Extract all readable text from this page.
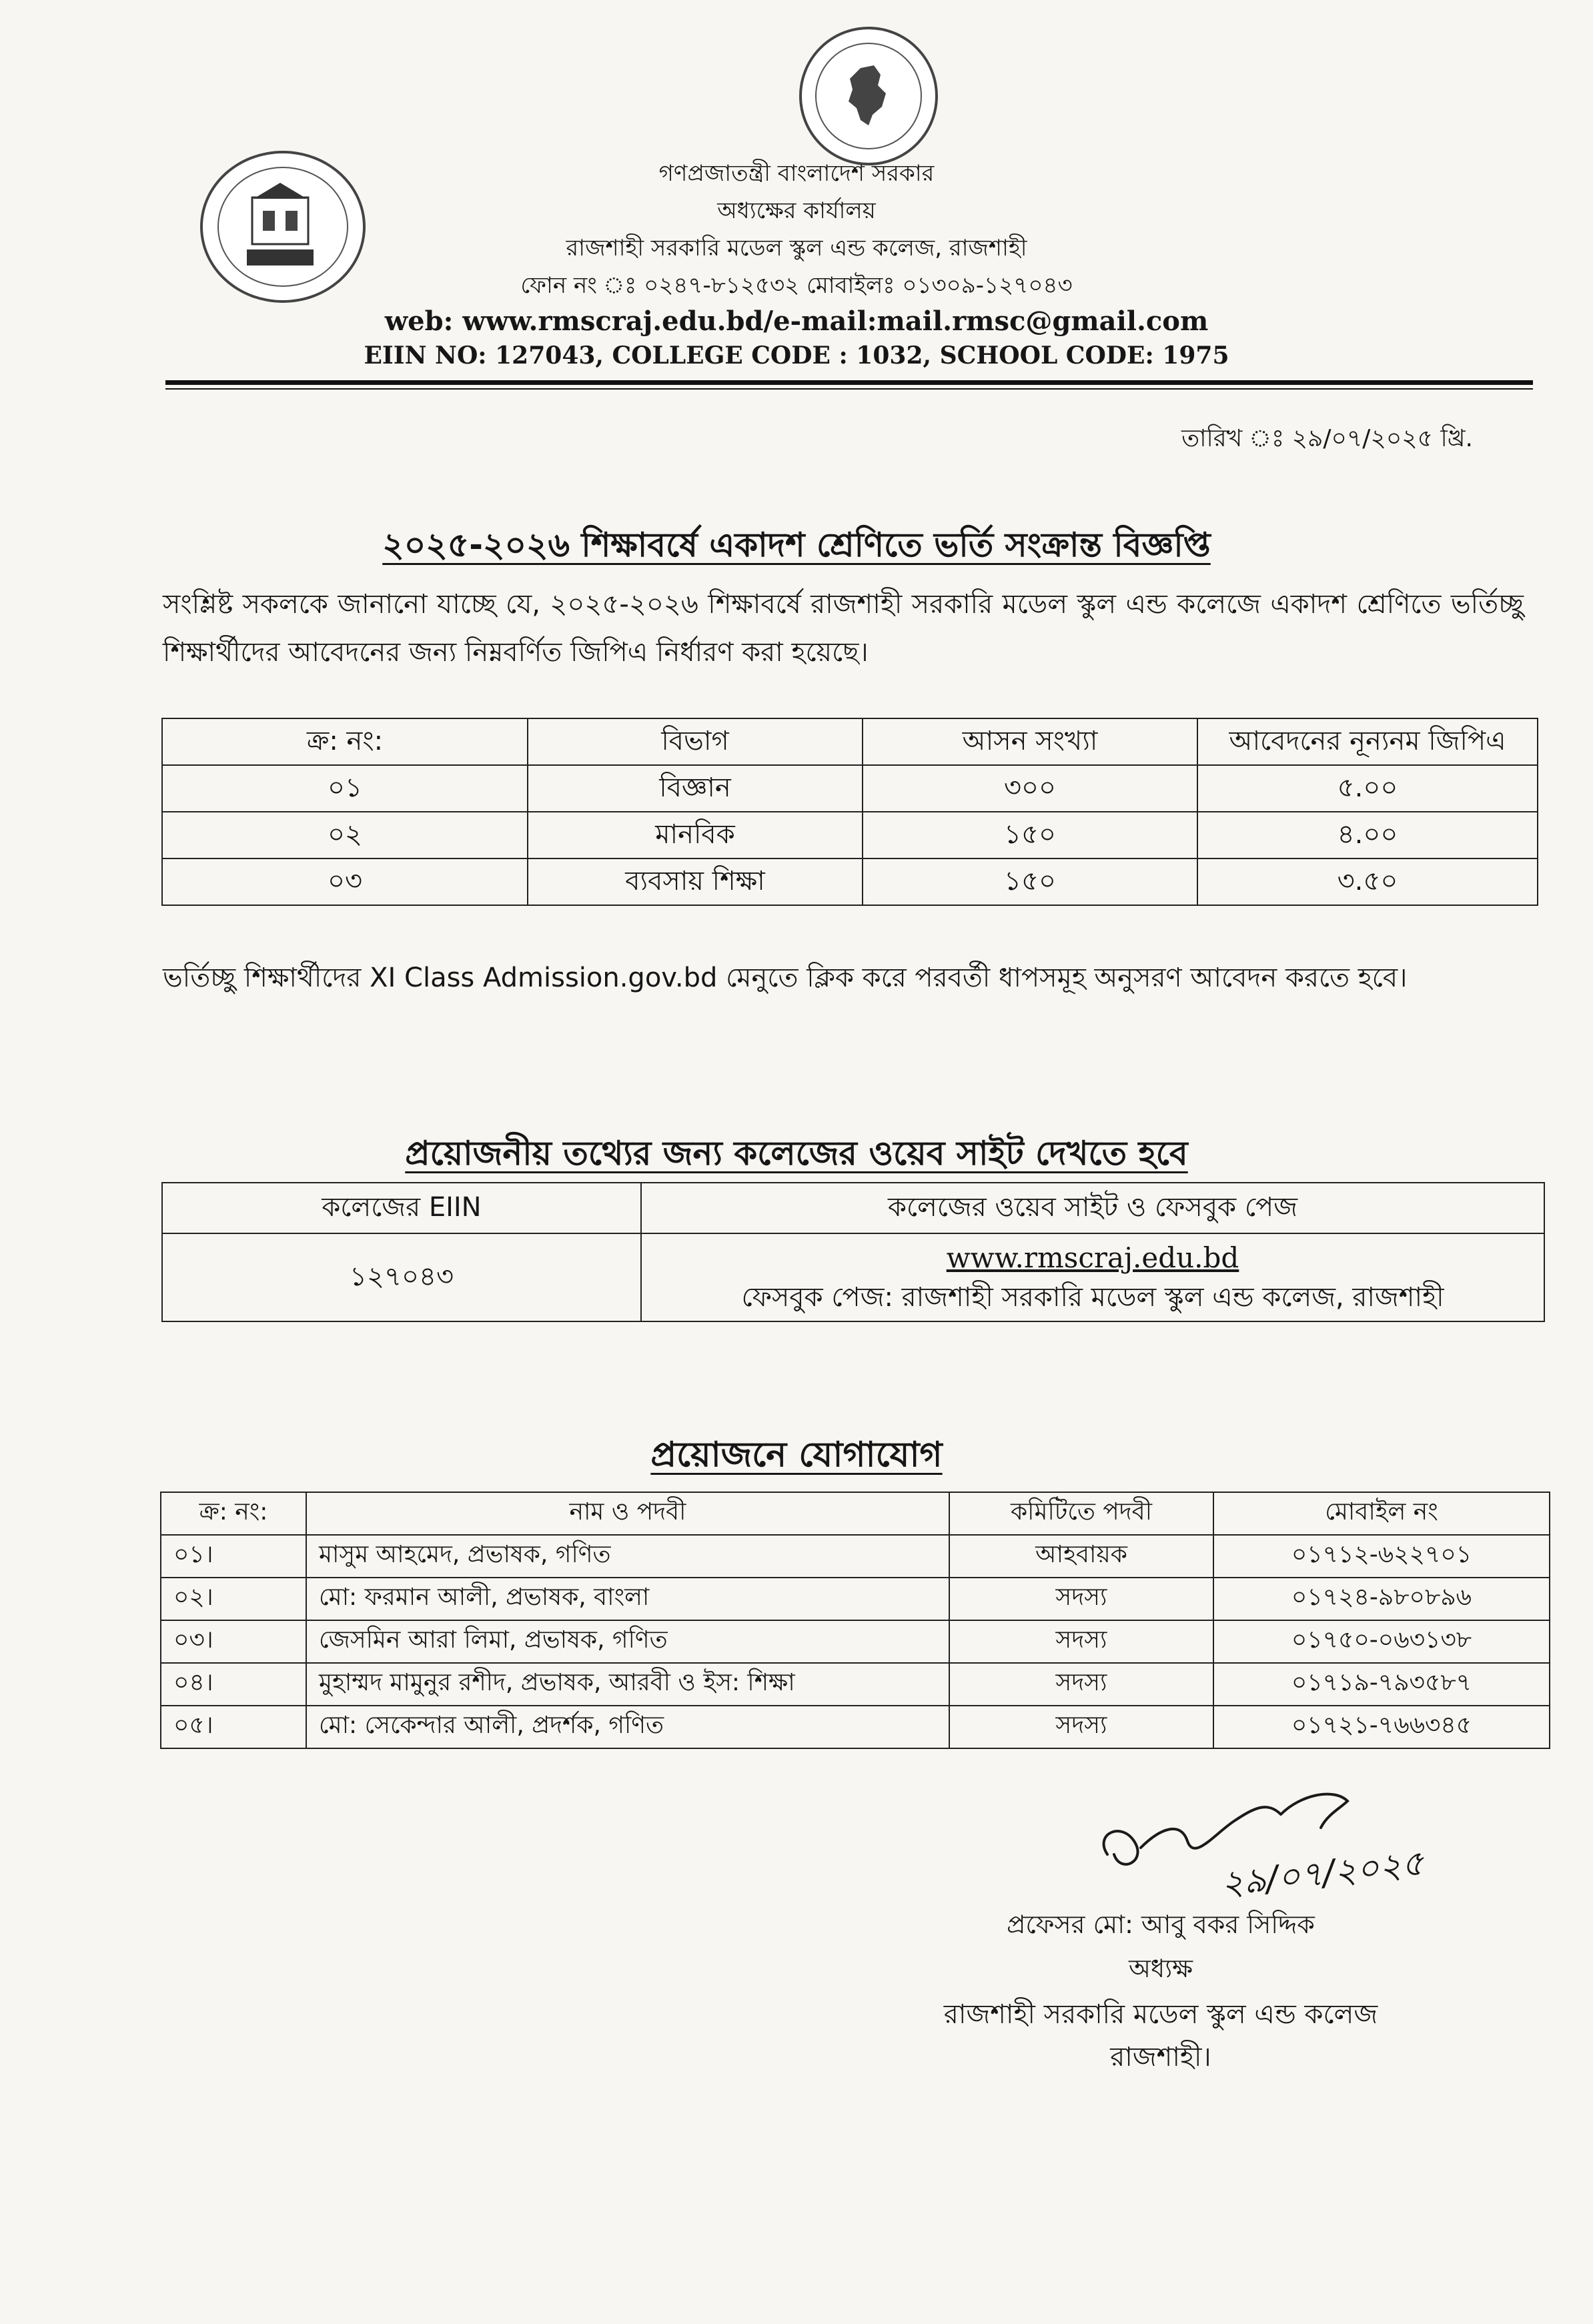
গণপ্রজাতন্ত্রী বাংলাদেশ সরকার
অধ্যক্ষের কার্যালয়
রাজশাহী সরকারি মডেল স্কুল এন্ড কলেজ, রাজশাহী
ফোন নং ঃ ০২৪৭-৮১২৫৩২ মোবাইলঃ ০১৩০৯-১২৭০৪৩
web: www.rmscraj.edu.bd/e-mail:mail.rmsc@gmail.com
EIIN NO: 127043, COLLEGE CODE : 1032, SCHOOL CODE: 1975
তারিখ ঃ ২৯/০৭/২০২৫ খ্রি.
২০২৫-২০২৬ শিক্ষাবর্ষে একাদশ শ্রেণিতে ভর্তি সংক্রান্ত বিজ্ঞপ্তি
সংশ্লিষ্ট সকলকে জানানো যাচ্ছে যে, ২০২৫-২০২৬ শিক্ষাবর্ষে রাজশাহী সরকারি মডেল স্কুল এন্ড কলেজে একাদশ শ্রেণিতে ভর্তিচ্ছু শিক্ষার্থীদের আবেদনের জন্য নিম্নবর্ণিত জিপিএ নির্ধারণ করা হয়েছে।
ক্র: নং:	বিভাগ	আসন সংখ্যা	আবেদনের নূন্যনম জিপিএ
০১	বিজ্ঞান	৩০০	৫.০০
০২	মানবিক	১৫০	৪.০০
০৩	ব্যবসায় শিক্ষা	১৫০	৩.৫০
ভর্তিচ্ছু শিক্ষার্থীদের XI Class Admission.gov.bd মেনুতে ক্লিক করে পরবর্তী ধাপসমূহ অনুসরণ আবেদন করতে হবে।
প্রয়োজনীয় তথ্যের জন্য কলেজের ওয়েব সাইট দেখতে হবে
কলেজের EIIN	কলেজের ওয়েব সাইট ও ফেসবুক পেজ
১২৭০৪৩	www.rmscraj.edu.bd
ফেসবুক পেজ: রাজশাহী সরকারি মডেল স্কুল এন্ড কলেজ, রাজশাহী
প্রয়োজনে যোগাযোগ
ক্র: নং:	নাম ও পদবী	কমিটিতে পদবী	মোবাইল নং
০১।	মাসুম আহমেদ, প্রভাষক, গণিত	আহবায়ক	০১৭১২-৬২২৭০১
০২।	মো: ফরমান আলী, প্রভাষক, বাংলা	সদস্য	০১৭২৪-৯৮০৮৯৬
০৩।	জেসমিন আরা লিমা, প্রভাষক, গণিত	সদস্য	০১৭৫০-০৬৩১৩৮
০৪।	মুহাম্মদ মামুনুর রশীদ, প্রভাষক, আরবী ও ইস: শিক্ষা	সদস্য	০১৭১৯-৭৯৩৫৮৭
০৫।	মো: সেকেন্দার আলী, প্রদর্শক, গণিত	সদস্য	০১৭২১-৭৬৬৩৪৫
২৯/০৭/২০২৫
প্রফেসর মো: আবু বকর সিদ্দিক
অধ্যক্ষ
রাজশাহী সরকারি মডেল স্কুল এন্ড কলেজ
রাজশাহী।
